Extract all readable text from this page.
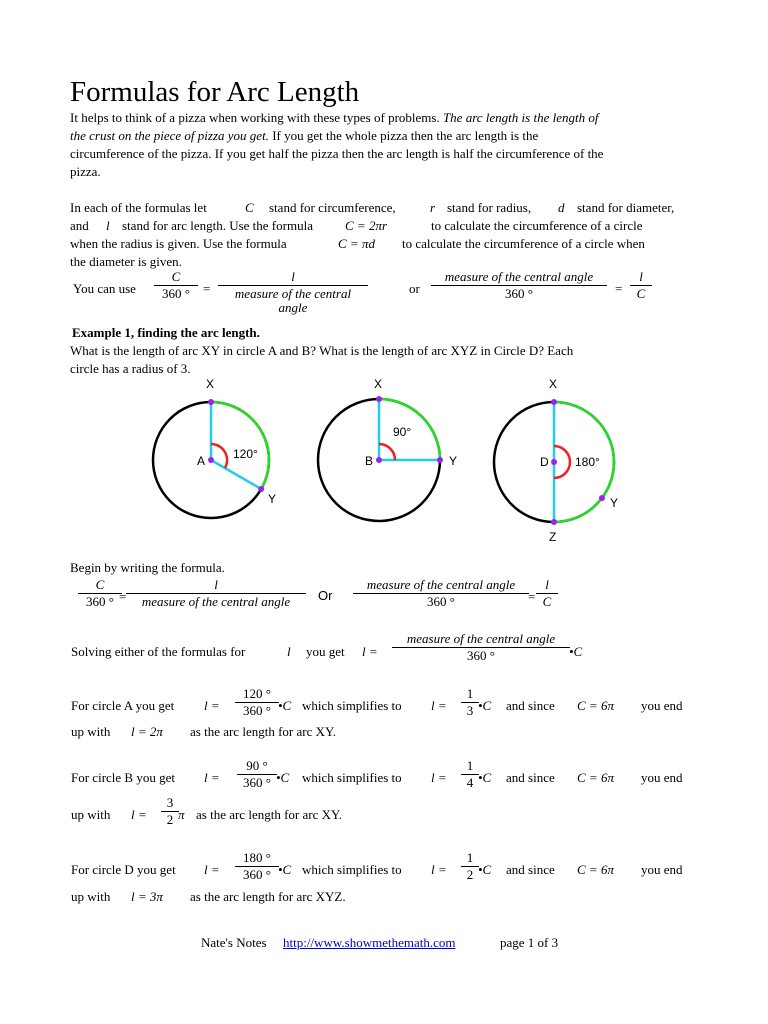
Formulas for Arc Length
It helps to think of a pizza when working with these types of problems. The arc length is the length of
the crust on the piece of pizza you get. If you get the whole pizza then the arc length is the
circumference of the pizza. If you get half the pizza then the arc length is half the circumference of the
pizza.
In each of the formulas let	C stand for circumference,	r stand for radius, d stand for diameter,
and l stand for arc length. Use the formula C = 2πr	to calculate the circumference of a circle
when the radius is given. Use the formula	C = πd to calculate the circumference of a circle when
the diameter is given.
You can use $\frac{C}{360 ^\circ}$ =
l
measure of the central angle
or
measure of the central angle
360 °	= $\frac{l}{C}$
Example 1, finding the arc length.
What is the length of arc XY in circle A and B? What is the length of arc XYZ in Circle D? Each
circle has a radius of 3.
X
A 120°
Y
X
B
90°
Y
X
D 180°
Y
Z
Begin by writing the formula.
$\frac{C}{360 ^\circ}$ =
l
measure of the central angle	Or
measure of the central angle
360 °	= $\frac{l}{C}$
Solving either of the formulas for	l you get l =
measure of the central angle
360 °	•C
For circle A you get $l = \frac{120 ^\circ}{360 ^\circ}$ •C which simplifies to $l = \frac{1}{3}$ •C and since C = 6π you end
up with l = 2π as the arc length for arc XY.
For circle B you get $l = \frac{90 ^\circ}{360 ^\circ}$ •C which simplifies to $l = \frac{1}{4}$ •C and since C = 6π you end
up with $l = \frac{3}{2}$ π as the arc length for arc XY.
For circle D you get $l = \frac{180 ^\circ}{360 ^\circ}$ •C which simplifies to $l = \frac{1}{2}$ •C and since C = 6π you end
up with l = 3π as the arc length for arc XYZ.
Nate's Notes http://www.showmethemath.com	page 1 of 3
